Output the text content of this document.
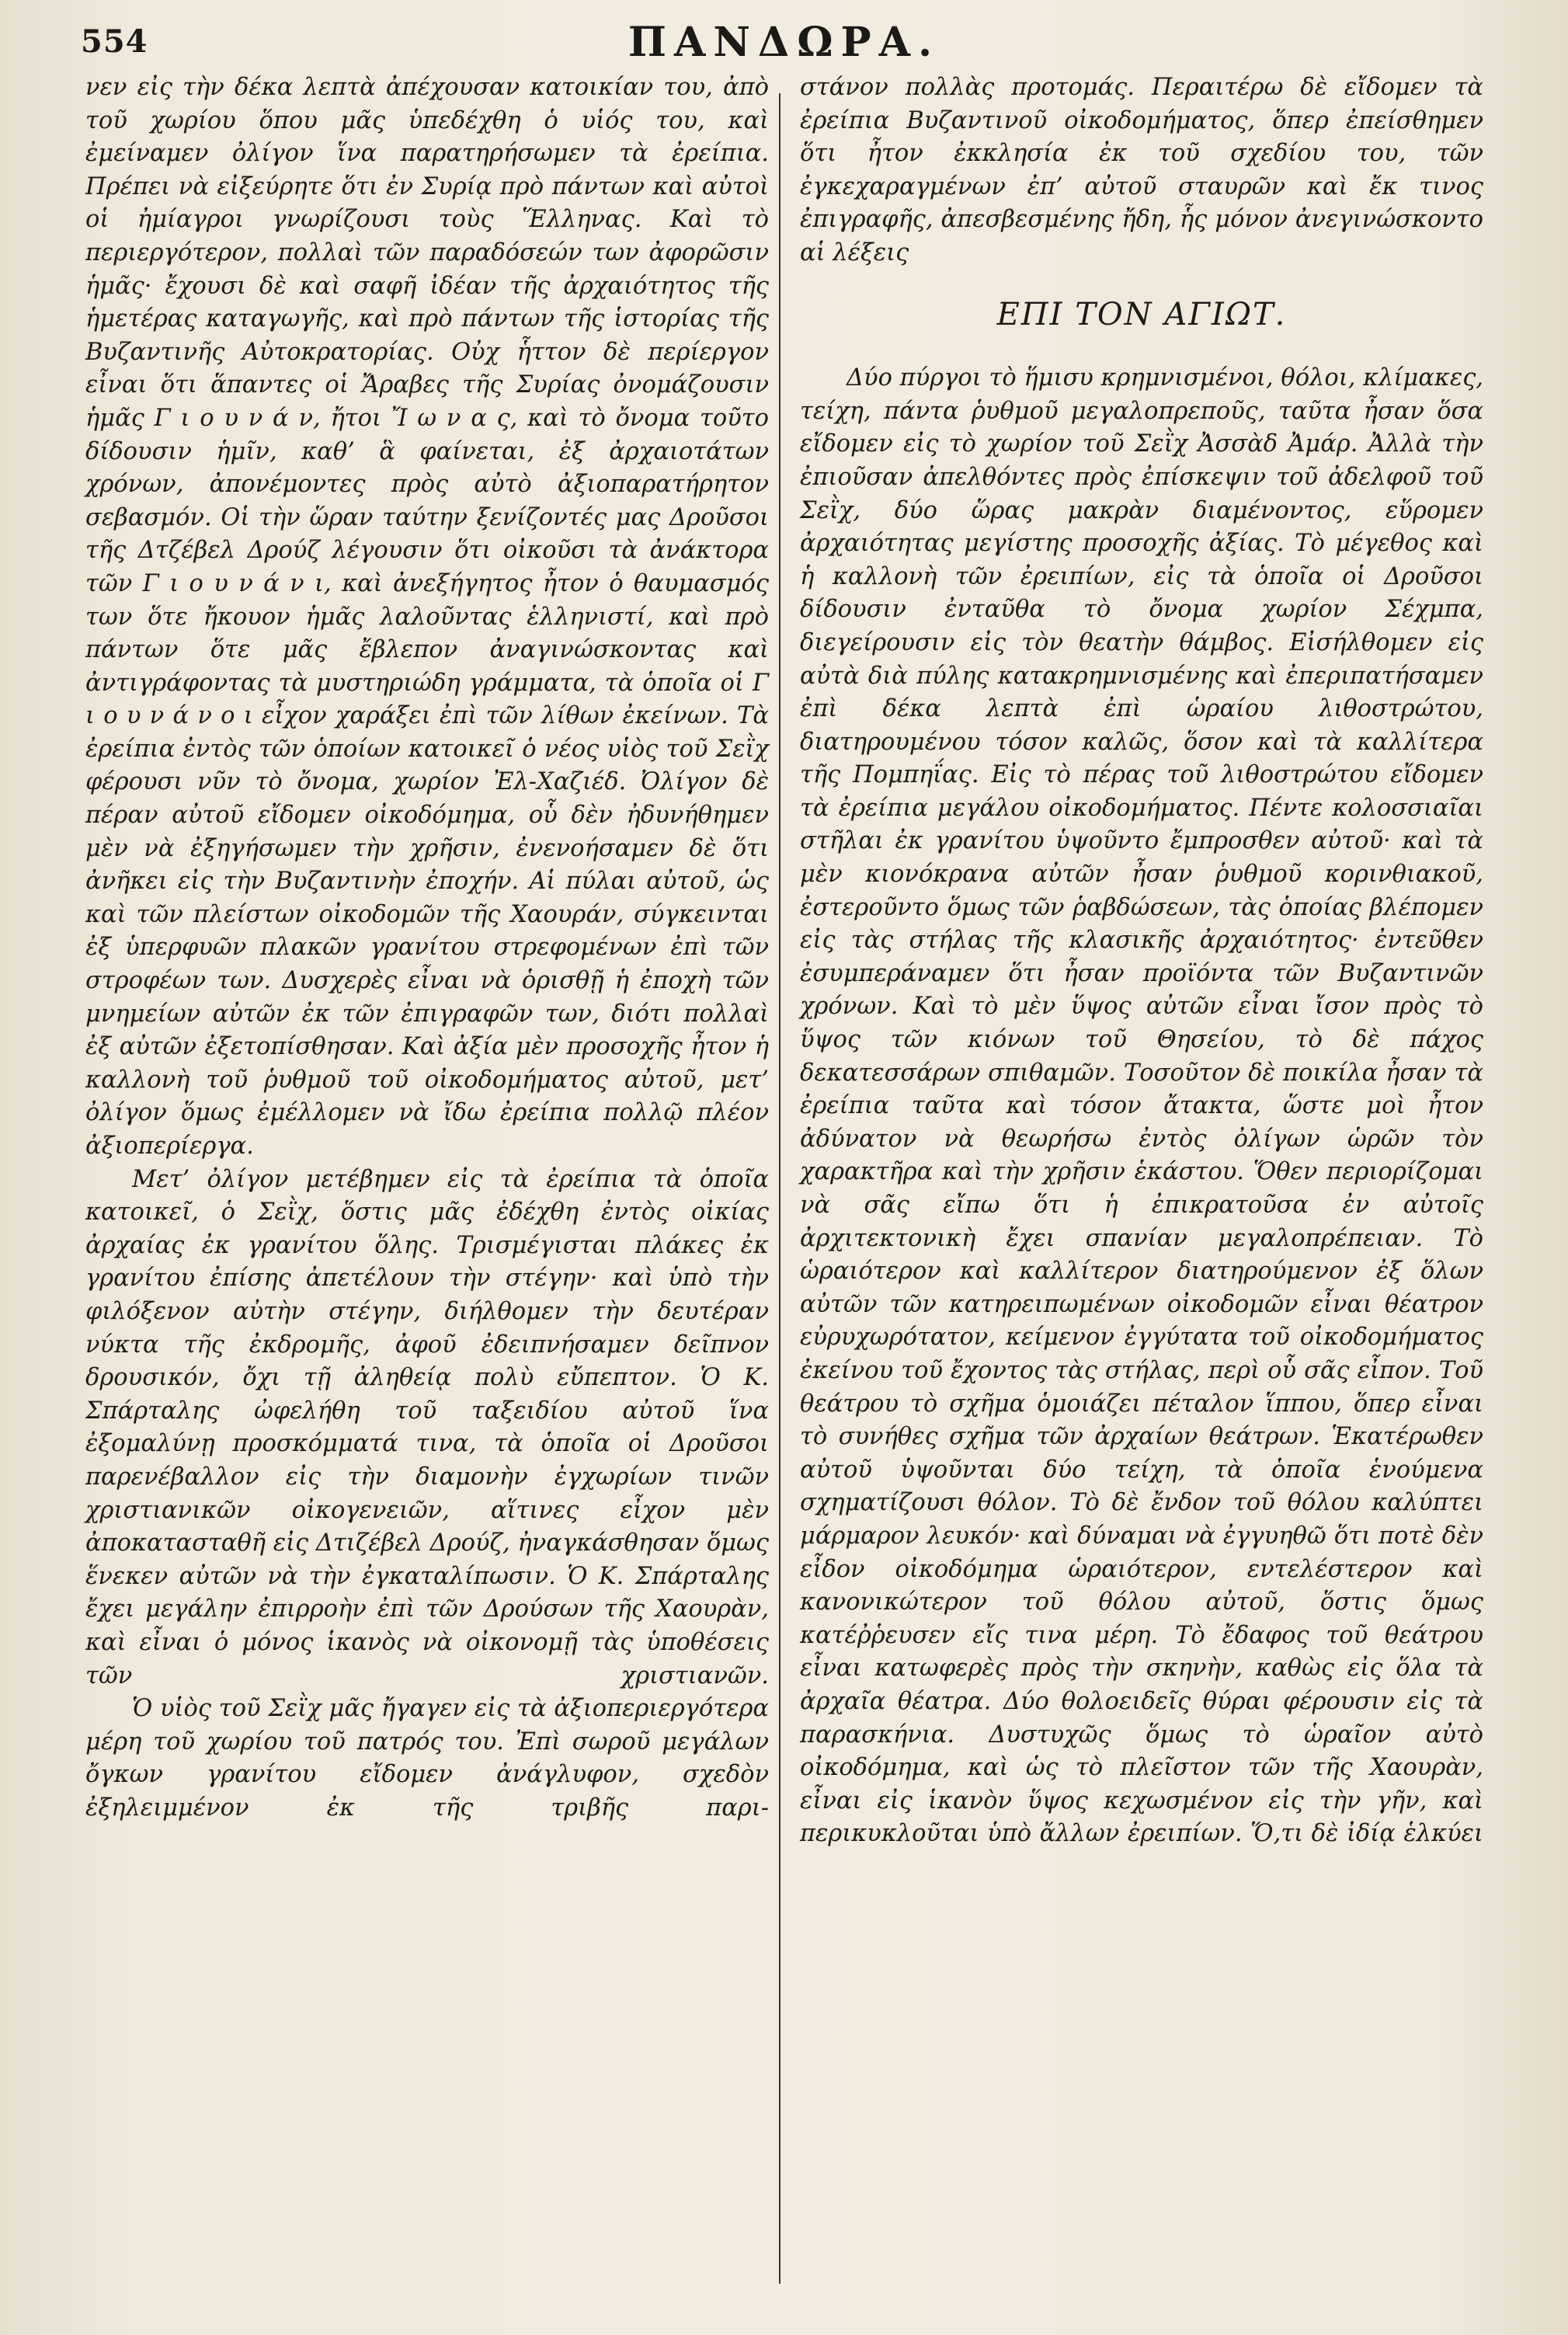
554	ΠΑΝΔΩΡΑ.

νεν εἰς τὴν δέκα λεπτὰ ἀπέχουσαν κατοικίαν του, ἀπὸ τοῦ χωρίου ὅπου μᾶς ὑπεδέχθη ὁ υἱός του, καὶ ἐμείναμεν ὀλίγον ἵνα παρατηρήσωμεν τὰ ἐρείπια. Πρέπει νὰ εἰξεύρητε ὅτι ἐν Συρίᾳ πρὸ πάντων καὶ αὐτοὶ οἱ ἠμίαγροι γνωρίζουσι τοὺς Ἕλληνας. Καὶ τὸ περιεργότερον, πολλαὶ τῶν παραδόσεών των ἀφορῶσιν ἡμᾶς· ἔχουσι δὲ καὶ σαφῆ ἰδέαν τῆς ἀρχαιότητος τῆς ἡμετέρας καταγωγῆς, καὶ πρὸ πάντων τῆς ἱστορίας τῆς Βυζαντινῆς Αὐτοκρατορίας. Οὐχ ἧττον δὲ περίεργον εἶναι ὅτι ἅπαντες οἱ Ἄραβες τῆς Συρίας ὀνομάζουσιν ἡμᾶς Γ ι ο υ ν ά ν, ἤτοι Ἴ ω ν α ς, καὶ τὸ ὄνομα τοῦτο δίδουσιν ἡμῖν, καθ’ ἃ φαίνεται, ἐξ ἀρχαιοτάτων χρόνων, ἀπονέμοντες πρὸς αὐτὸ ἀξιοπαρατήρητον σεβασμόν. Οἱ τὴν ὥραν ταύτην ξενίζοντές μας Δροῦσοι τῆς Δτζέβελ Δρούζ λέγουσιν ὅτι οἰκοῦσι τὰ ἀνάκτορα τῶν Γ ι ο υ ν ά ν ι, καὶ ἀνεξήγητος ἦτον ὁ θαυμασμός των ὅτε ἤκουον ἡμᾶς λαλοῦντας ἑλληνιστί, καὶ πρὸ πάντων ὅτε μᾶς ἔβλεπον ἀναγινώσκοντας καὶ ἀντιγράφοντας τὰ μυστηριώδη γράμματα, τὰ ὁποῖα οἱ Γ ι ο υ ν ά ν ο ι εἶχον χαράξει ἐπὶ τῶν λίθων ἐκείνων. Τὰ ἐρείπια ἐντὸς τῶν ὁποίων κατοικεῖ ὁ νέος υἱὸς τοῦ Σεῒχ φέρουσι νῦν τὸ ὄνομα, χωρίον Ἐλ-Χαζιέδ. Ὀλίγον δὲ πέραν αὐτοῦ εἴδομεν οἰκοδόμημα, οὗ δὲν ἠδυνήθημεν μὲν νὰ ἐξηγήσωμεν τὴν χρῆσιν, ἐνενοήσαμεν δὲ ὅτι ἀνῆκει εἰς τὴν Βυζαντινὴν ἐποχήν. Αἱ πύλαι αὐτοῦ, ὡς καὶ τῶν πλείστων οἰκοδομῶν τῆς Χαουράν, σύγκεινται ἐξ ὑπερφυῶν πλακῶν γρανίτου στρεφομένων ἐπὶ τῶν στροφέων των. Δυσχερὲς εἶναι νὰ ὁρισθῇ ἡ ἐποχὴ τῶν μνημείων αὐτῶν ἐκ τῶν ἐπιγραφῶν των, διότι πολλαὶ ἐξ αὐτῶν ἐξετοπίσθησαν. Καὶ ἀξία μὲν προσοχῆς ἦτον ἡ καλλονὴ τοῦ ῥυθμοῦ τοῦ οἰκοδομήματος αὐτοῦ, μετ’ ὀλίγον ὅμως ἐμέλλομεν νὰ ἴδω ἐρείπια πολλῷ πλέον ἀξιοπερίεργα.

Μετ’ ὀλίγον μετέβημεν εἰς τὰ ἐρείπια τὰ ὁποῖα κατοικεῖ, ὁ Σεῒχ, ὅστις μᾶς ἐδέχθη ἐντὸς οἰκίας ἀρχαίας ἐκ γρανίτου ὅλης. Τρισμέγισται πλάκες ἐκ γρανίτου ἐπίσης ἀπετέλουν τὴν στέγην· καὶ ὑπὸ τὴν φιλόξενον αὐτὴν στέγην, διήλθομεν τὴν δευτέραν νύκτα τῆς ἐκδρομῆς, ἀφοῦ ἐδειπνήσαμεν δεῖπνον δρουσικόν, ὄχι τῇ ἀληθείᾳ πολὺ εὔπεπτον. Ὁ Κ. Σπάρταλης ὠφελήθη τοῦ ταξειδίου αὐτοῦ ἵνα ἐξομαλύνῃ προσκόμματά τινα, τὰ ὁποῖα οἱ Δροῦσοι παρενέβαλλον εἰς τὴν διαμονὴν ἐγχωρίων τινῶν χριστιανικῶν οἰκογενειῶν, αἵτινες εἶχον μὲν ἀποκατασταθῆ εἰς Δτιζέβελ Δρούζ, ἠναγκάσθησαν ὅμως ἕνεκεν αὐτῶν νὰ τὴν ἐγκαταλίπωσιν. Ὁ Κ. Σπάρταλης ἔχει μεγάλην ἐπιρροὴν ἐπὶ τῶν Δρούσων τῆς Χαουρὰν, καὶ εἶναι ὁ μόνος ἱκανὸς νὰ οἰκονομῇ τὰς ὑποθέσεις τῶν χριστιανῶν.

Ὁ υἱὸς τοῦ Σεῒχ μᾶς ἤγαγεν εἰς τὰ ἀξιοπεριεργότερα μέρη τοῦ χωρίου τοῦ πατρός του. Ἐπὶ σωροῦ μεγάλων ὄγκων γρανίτου εἴδομεν ἀνάγλυφον, σχεδὸν ἐξηλειμμένον ἐκ τῆς τριβῆς παρι-

στάνον πολλὰς προτομάς. Περαιτέρω δὲ εἴδομεν τὰ ἐρείπια Βυζαντινοῦ οἰκοδομήματος, ὅπερ ἐπείσθημεν ὅτι ἦτον ἐκκλησία ἐκ τοῦ σχεδίου του, τῶν ἐγκεχαραγμένων ἐπ’ αὐτοῦ σταυρῶν καὶ ἔκ τινος ἐπιγραφῆς, ἀπεσβεσμένης ἤδη, ἧς μόνον ἀνεγινώσκοντο αἱ λέξεις

ΕΠΙ ΤΟΝ ΑΓΙΩΤ.

Δύο πύργοι τὸ ἥμισυ κρημνισμένοι, θόλοι, κλίμακες, τείχη, πάντα ῥυθμοῦ μεγαλοπρεποῦς, ταῦτα ἦσαν ὅσα εἴδομεν εἰς τὸ χωρίον τοῦ Σεῒχ Ἀσσὰδ Ἀμάρ. Ἀλλὰ τὴν ἐπιοῦσαν ἀπελθόντες πρὸς ἐπίσκεψιν τοῦ ἀδελφοῦ τοῦ Σεῒχ, δύο ὥρας μακρὰν διαμένοντος, εὕρομεν ἀρχαιότητας μεγίστης προσοχῆς ἀξίας. Τὸ μέγεθος καὶ ἡ καλλονὴ τῶν ἐρειπίων, εἰς τὰ ὁποῖα οἱ Δροῦσοι δίδουσιν ἐνταῦθα τὸ ὄνομα χωρίον Σέχμπα, διεγείρουσιν εἰς τὸν θεατὴν θάμβος. Εἰσήλθομεν εἰς αὐτὰ διὰ πύλης κατακρημνισμένης καὶ ἐπεριπατήσαμεν ἐπὶ δέκα λεπτὰ ἐπὶ ὡραίου λιθοστρώτου, διατηρουμένου τόσον καλῶς, ὅσον καὶ τὰ καλλίτερα τῆς Πομπηΐας. Εἰς τὸ πέρας τοῦ λιθοστρώτου εἴδομεν τὰ ἐρείπια μεγάλου οἰκοδομήματος. Πέντε κολοσσιαῖαι στῆλαι ἐκ γρανίτου ὑψοῦντο ἔμπροσθεν αὐτοῦ· καὶ τὰ μὲν κιονόκρανα αὐτῶν ἦσαν ῥυθμοῦ κορινθιακοῦ, ἐστεροῦντο ὅμως τῶν ῥαβδώσεων, τὰς ὁποίας βλέπομεν εἰς τὰς στήλας τῆς κλασικῆς ἀρχαιότητος· ἐντεῦθεν ἐσυμπεράναμεν ὅτι ἦσαν προϊόντα τῶν Βυζαντινῶν χρόνων. Καὶ τὸ μὲν ὕψος αὐτῶν εἶναι ἴσον πρὸς τὸ ὕψος τῶν κιόνων τοῦ Θησείου, τὸ δὲ πάχος δεκατεσσάρων σπιθαμῶν. Τοσοῦτον δὲ ποικίλα ἦσαν τὰ ἐρείπια ταῦτα καὶ τόσον ἄτακτα, ὥστε μοὶ ἦτον ἀδύνατον νὰ θεωρήσω ἐντὸς ὀλίγων ὡρῶν τὸν χαρακτῆρα καὶ τὴν χρῆσιν ἑκάστου. Ὅθεν περιορίζομαι νὰ σᾶς εἴπω ὅτι ἡ ἐπικρατοῦσα ἐν αὐτοῖς ἀρχιτεκτονικὴ ἔχει σπανίαν μεγαλοπρέπειαν. Τὸ ὡραιότερον καὶ καλλίτερον διατηρούμενον ἐξ ὅλων αὐτῶν τῶν κατηρειπωμένων οἰκοδομῶν εἶναι θέατρον εὐρυχωρότατον, κείμενον ἐγγύτατα τοῦ οἰκοδομήματος ἐκείνου τοῦ ἔχοντος τὰς στήλας, περὶ οὗ σᾶς εἶπον. Τοῦ θεάτρου τὸ σχῆμα ὁμοιάζει πέταλον ἵππου, ὅπερ εἶναι τὸ συνήθες σχῆμα τῶν ἀρχαίων θεάτρων. Ἑκατέρωθεν αὐτοῦ ὑψοῦνται δύο τείχη, τὰ ὁποῖα ἑνούμενα σχηματίζουσι θόλον. Τὸ δὲ ἔνδον τοῦ θόλου καλύπτει μάρμαρον λευκόν· καὶ δύναμαι νὰ ἐγγυηθῶ ὅτι ποτὲ δὲν εἶδον οἰκοδόμημα ὡραιότερον, εντελέστερον καὶ κανονικώτερον τοῦ θόλου αὐτοῦ, ὅστις ὅμως κατέῤῥευσεν εἴς τινα μέρη. Τὸ ἔδαφος τοῦ θεάτρου εἶναι κατωφερὲς πρὸς τὴν σκηνὴν, καθὼς εἰς ὅλα τὰ ἀρχαῖα θέατρα. Δύο θολοειδεῖς θύραι φέρουσιν εἰς τὰ παρασκήνια. Δυστυχῶς ὅμως τὸ ὡραῖον αὐτὸ οἰκοδόμημα, καὶ ὡς τὸ πλεῖστον τῶν τῆς Χαουρὰν, εἶναι εἰς ἱκανὸν ὕψος κεχωσμένον εἰς τὴν γῆν, καὶ περικυκλοῦται ὑπὸ ἄλλων ἐρειπίων. Ὅ,τι δὲ ἰδίᾳ ἑλκύει
